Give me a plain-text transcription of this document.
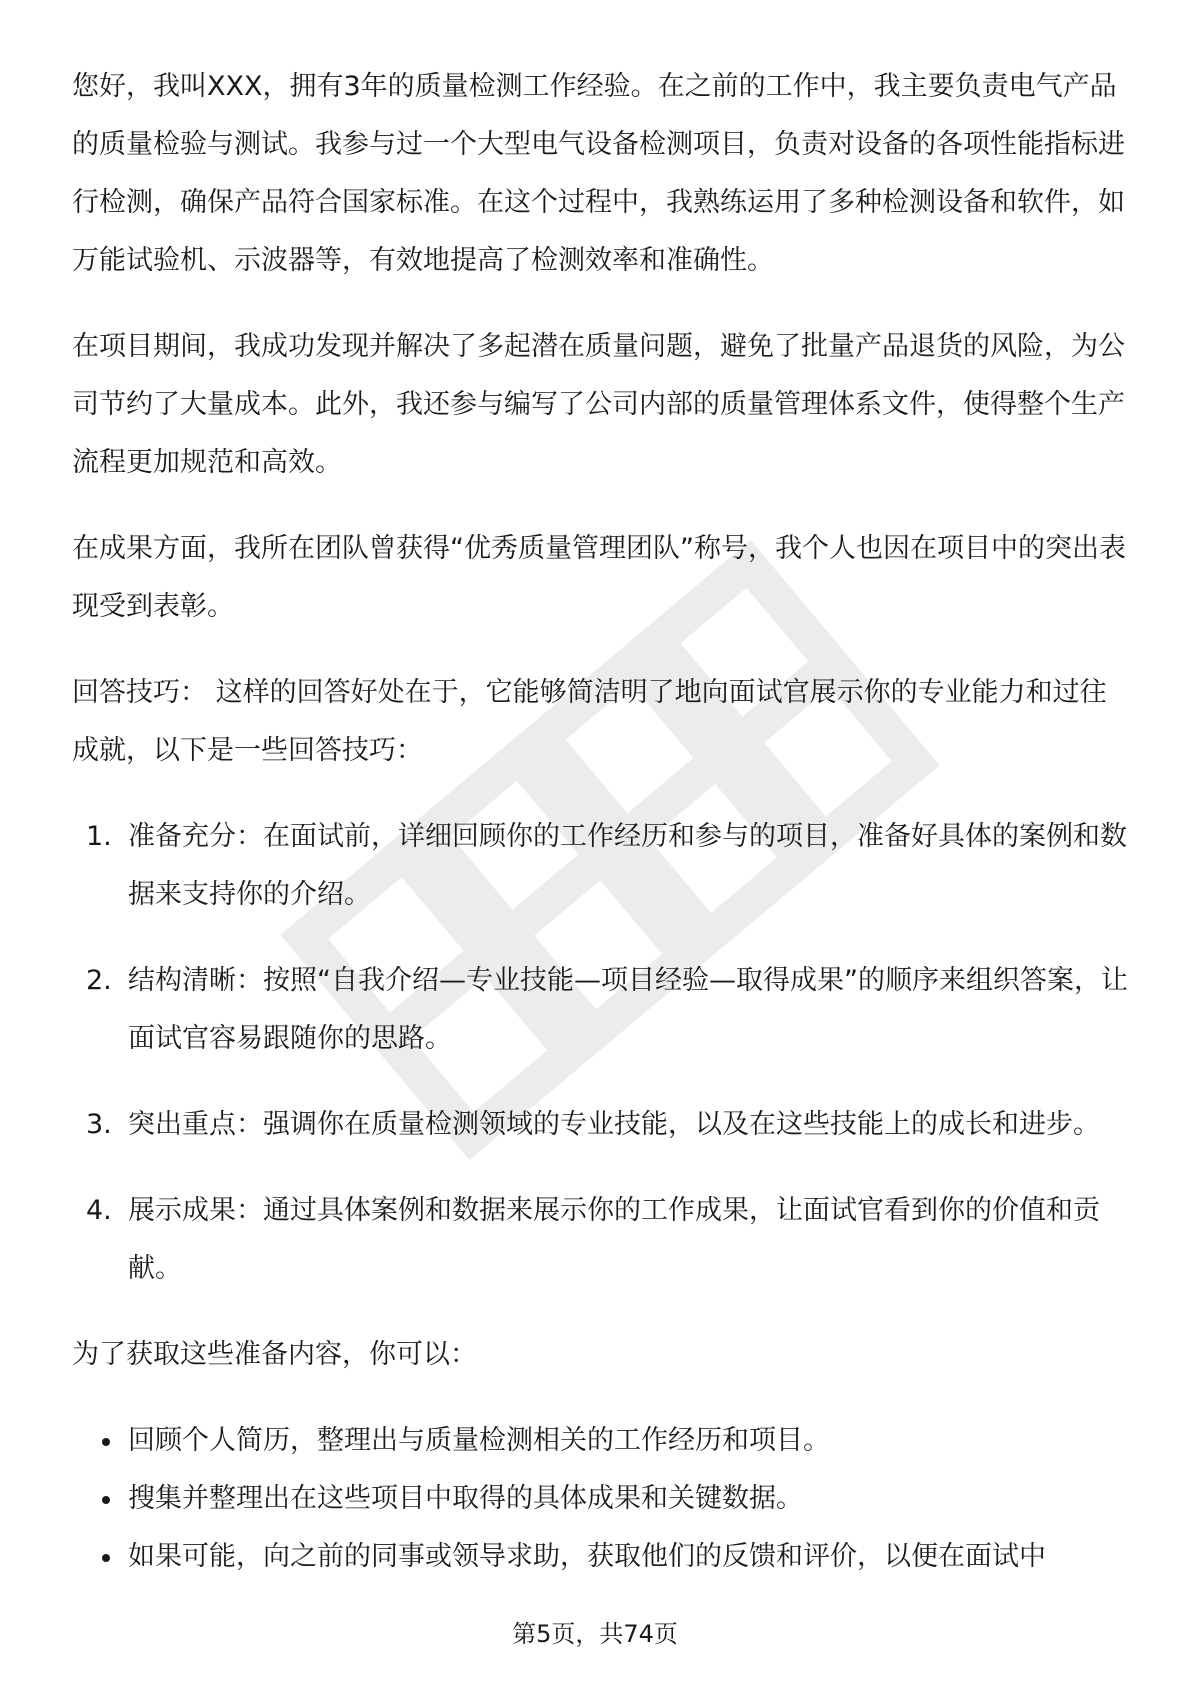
您好，我叫XXX，拥有3年的质量检测工作经验。在之前的工作中，我主要负责电气产品的质量检验与测试。我参与过一个大型电气设备检测项目，负责对设备的各项性能指标进行检测，确保产品符合国家标准。在这个过程中，我熟练运用了多种检测设备和软件，如万能试验机、示波器等，有效地提高了检测效率和准确性。

在项目期间，我成功发现并解决了多起潜在质量问题，避免了批量产品退货的风险，为公司节约了大量成本。此外，我还参与编写了公司内部的质量管理体系文件，使得整个生产流程更加规范和高效。

在成果方面，我所在团队曾获得“优秀质量管理团队”称号，我个人也因在项目中的突出表现受到表彰。

回答技巧： 这样的回答好处在于，它能够简洁明了地向面试官展示你的专业能力和过往成就，以下是一些回答技巧：

1. 准备充分：在面试前，详细回顾你的工作经历和参与的项目，准备好具体的案例和数据来支持你的介绍。
2. 结构清晰：按照“自我介绍—专业技能—项目经验—取得成果”的顺序来组织答案，让面试官容易跟随你的思路。
3. 突出重点：强调你在质量检测领域的专业技能，以及在这些技能上的成长和进步。
4. 展示成果：通过具体案例和数据来展示你的工作成果，让面试官看到你的价值和贡献。

为了获取这些准备内容，你可以：

回顾个人简历，整理出与质量检测相关的工作经历和项目。
搜集并整理出在这些项目中取得的具体成果和关键数据。
如果可能，向之前的同事或领导求助，获取他们的反馈和评价，以便在面试中
第5页，共74页
